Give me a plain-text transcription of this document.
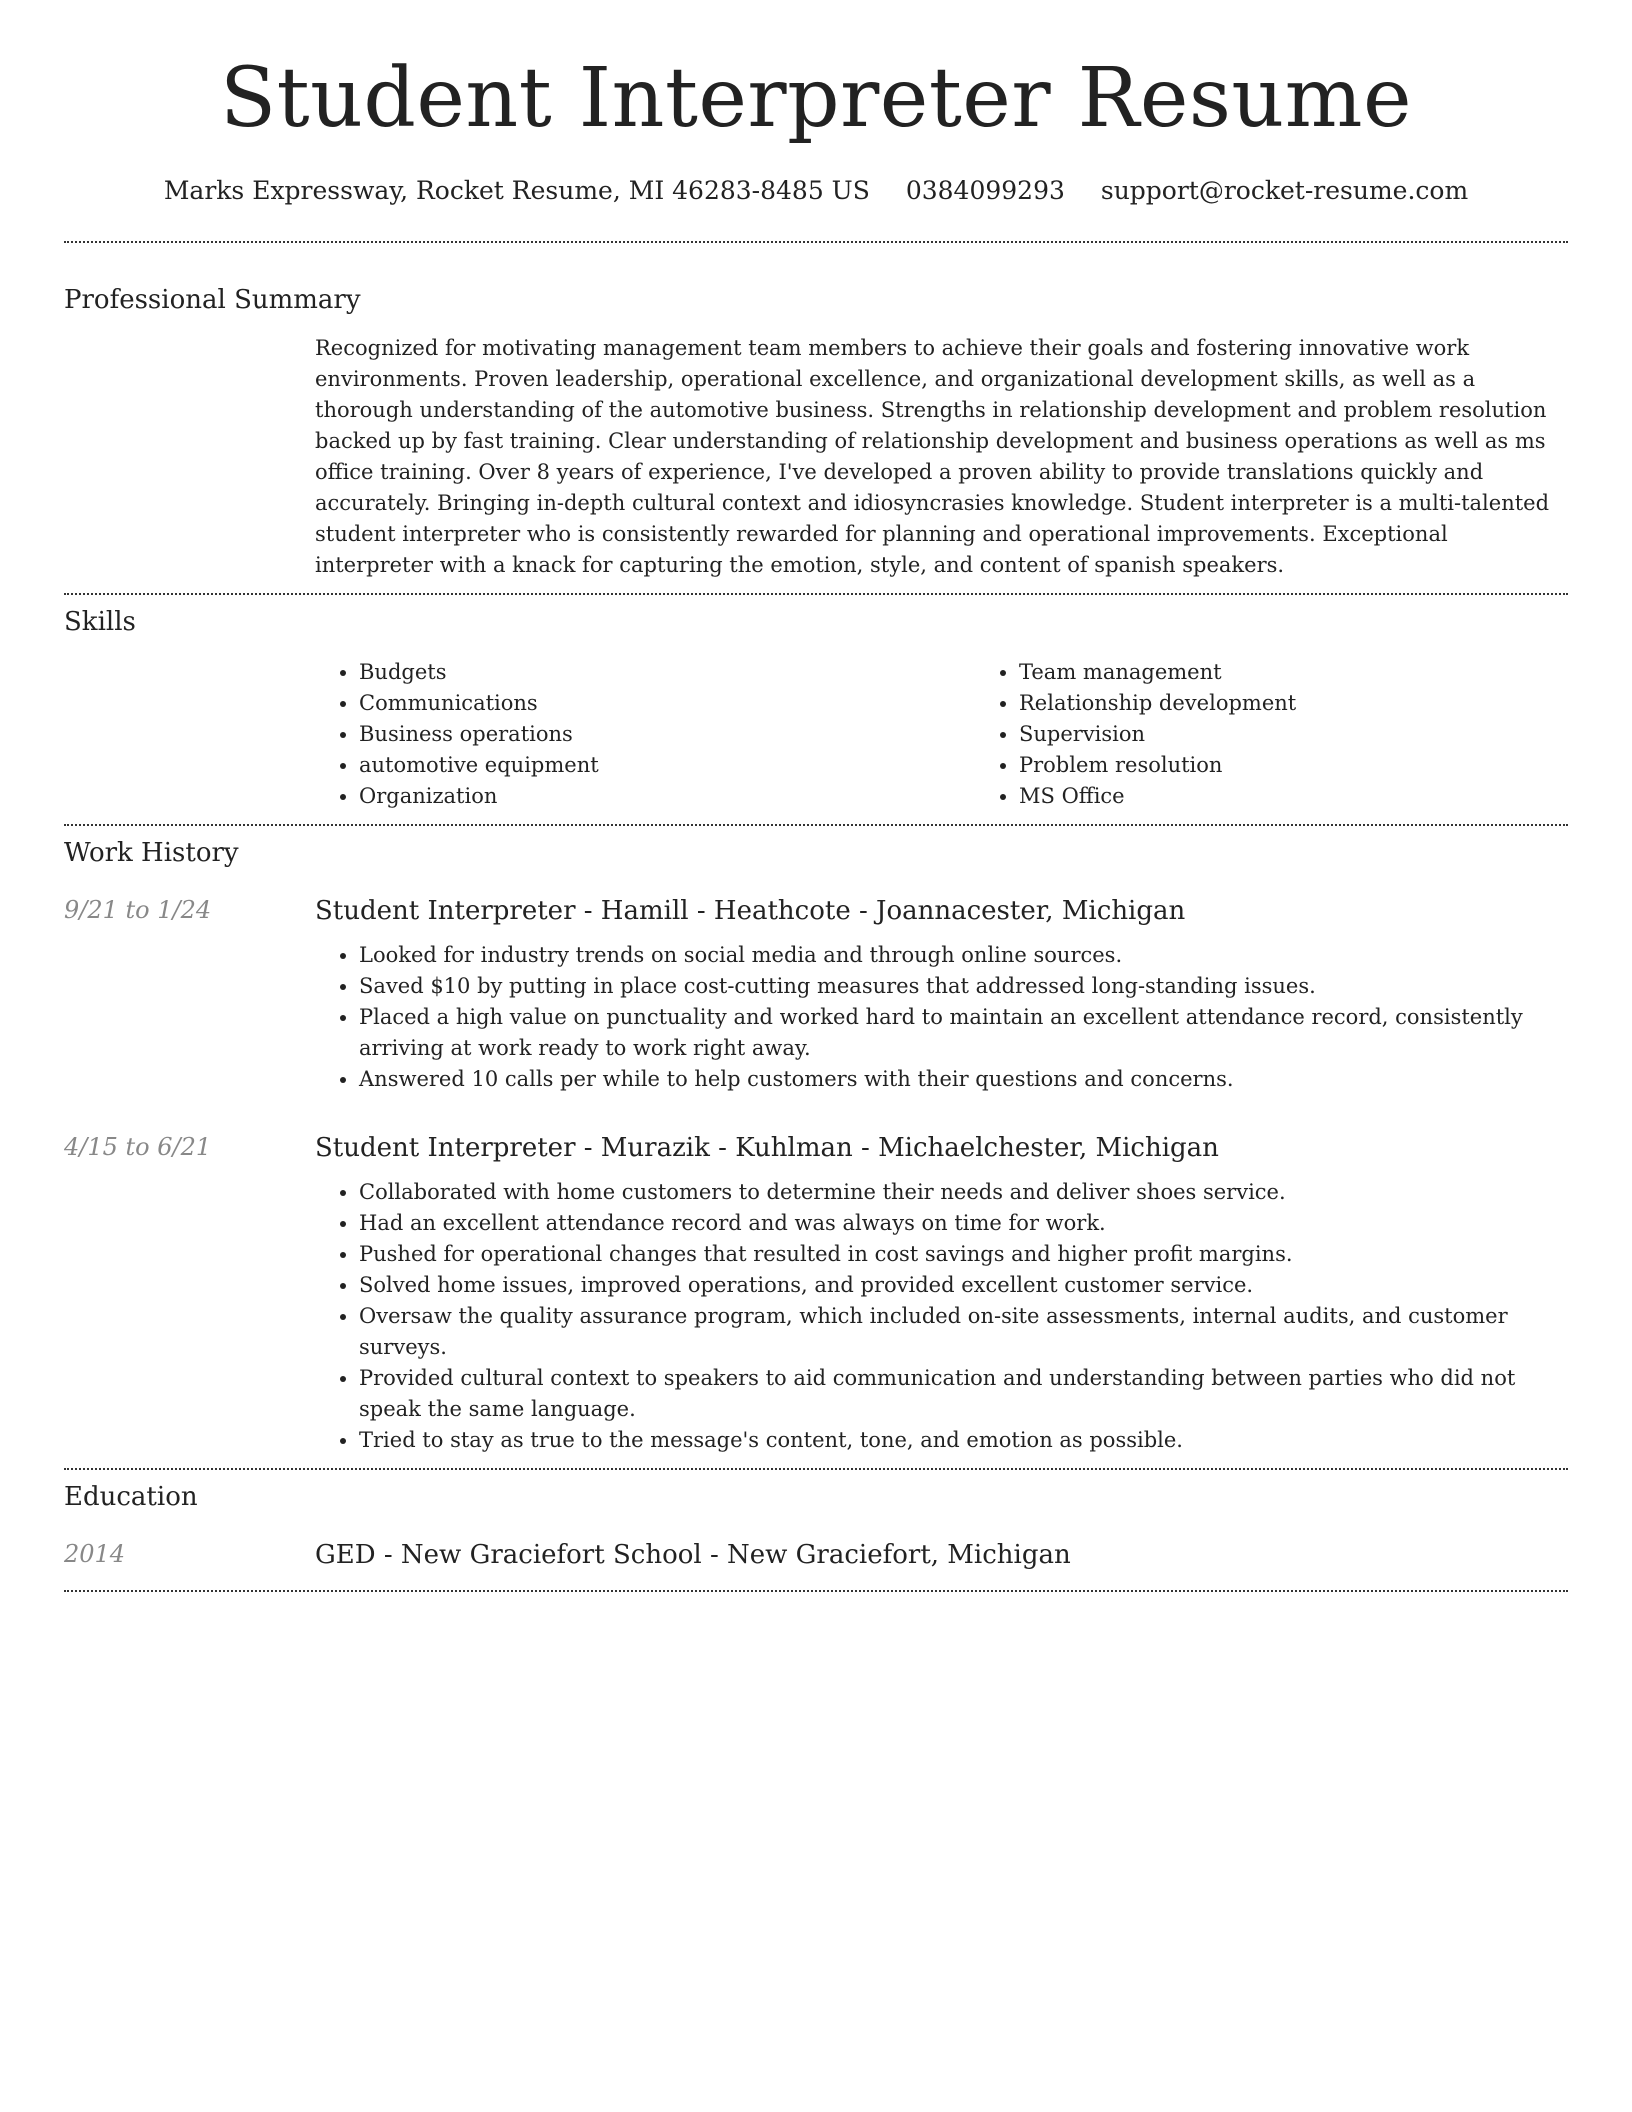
Student Interpreter Resume
Marks Expressway, Rocket Resume, MI 46283-8485 US 0384099293 support@rocket-resume.com
Professional Summary
Recognized for motivating management team members to achieve their goals and fostering innovative work environments. Proven leadership, operational excellence, and organizational development skills, as well as a thorough understanding of the automotive business. Strengths in relationship development and problem resolution backed up by fast training. Clear understanding of relationship development and business operations as well as ms office training. Over 8 years of experience, I've developed a proven ability to provide translations quickly and accurately. Bringing in-depth cultural context and idiosyncrasies knowledge. Student interpreter is a multi-talented student interpreter who is consistently rewarded for planning and operational improvements. Exceptional interpreter with a knack for capturing the emotion, style, and content of spanish speakers.
Skills
• Budgets
• Communications
• Business operations
• automotive equipment
• Organization
• Team management
• Relationship development
• Supervision
• Problem resolution
• MS Office
Work History
9/21 to 1/24	Student Interpreter - Hamill - Heathcote - Joannacester, Michigan
• Looked for industry trends on social media and through online sources.
• Saved $10 by putting in place cost-cutting measures that addressed long-standing issues.
• Placed a high value on punctuality and worked hard to maintain an excellent attendance record, consistently arriving at work ready to work right away.
• Answered 10 calls per while to help customers with their questions and concerns.
4/15 to 6/21	Student Interpreter - Murazik - Kuhlman - Michaelchester, Michigan
• Collaborated with home customers to determine their needs and deliver shoes service.
• Had an excellent attendance record and was always on time for work.
• Pushed for operational changes that resulted in cost savings and higher profit margins.
• Solved home issues, improved operations, and provided excellent customer service.
• Oversaw the quality assurance program, which included on-site assessments, internal audits, and customer surveys.
• Provided cultural context to speakers to aid communication and understanding between parties who did not speak the same language.
• Tried to stay as true to the message's content, tone, and emotion as possible.
Education
2014	GED - New Graciefort School - New Graciefort, Michigan
